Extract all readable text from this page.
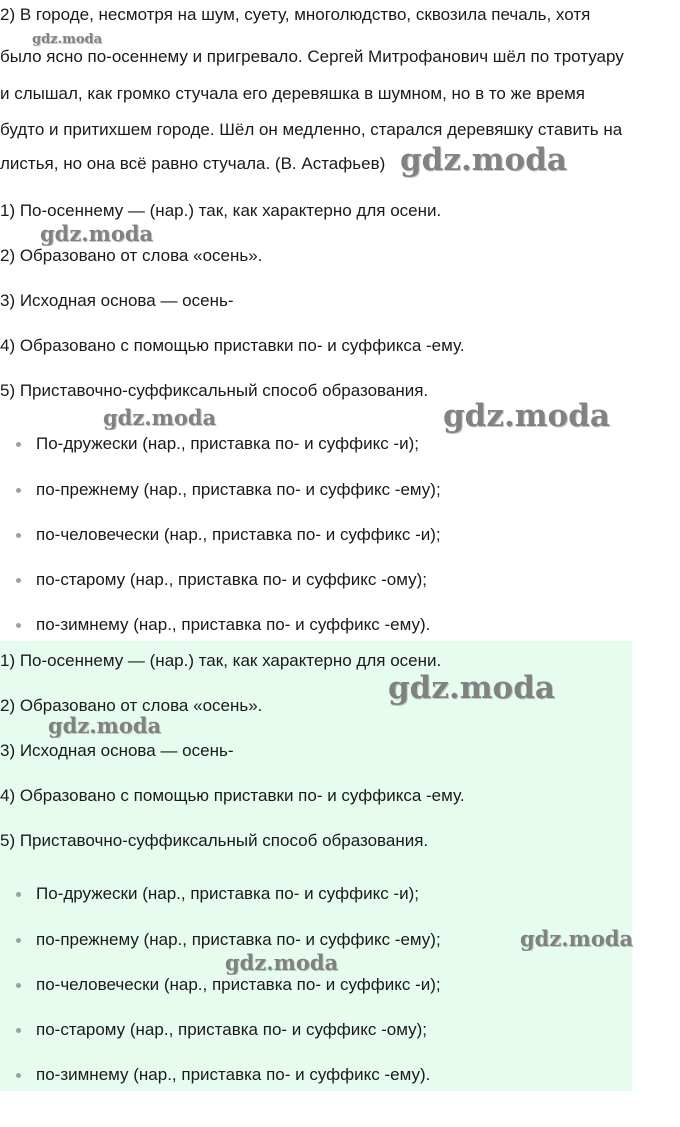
2) В городе, несмотря на шум, суету, многолюдство, сквозила печаль, хотя
было ясно по-осеннему и пригревало. Сергей Митрофанович шёл по тротуару
и слышал, как громко стучала его деревяшка в шумном, но в то же время
будто и притихшем городе. Шёл он медленно, старался деревяшку ставить на
листья, но она всё равно стучала. (В. Астафьев)
1) По-осеннему — (нар.) так, как характерно для осени.
2) Образовано от слова «осень».
3) Исходная основа — осень-
4) Образовано с помощью приставки по- и суффикса -ему.
5) Приставочно-суффиксальный способ образования.
По-дружески (нар., приставка по- и суффикс -и);
по-прежнему (нар., приставка по- и суффикс -ему);
по-человечески (нар., приставка по- и суффикс -и);
по-старому (нар., приставка по- и суффикс -ому);
по-зимнему (нар., приставка по- и суффикс -ему).
1) По-осеннему — (нар.) так, как характерно для осени.
2) Образовано от слова «осень».
3) Исходная основа — осень-
4) Образовано с помощью приставки по- и суффикса -ему.
5) Приставочно-суффиксальный способ образования.
По-дружески (нар., приставка по- и суффикс -и);
по-прежнему (нар., приставка по- и суффикс -ему);
по-человечески (нар., приставка по- и суффикс -и);
по-старому (нар., приставка по- и суффикс -ому);
по-зимнему (нар., приставка по- и суффикс -ему).
gdz.moda
gdz.moda
gdz.moda
gdz.moda	gdz.moda
gdz.moda
gdz.moda
gdz.moda
gdz.moda
